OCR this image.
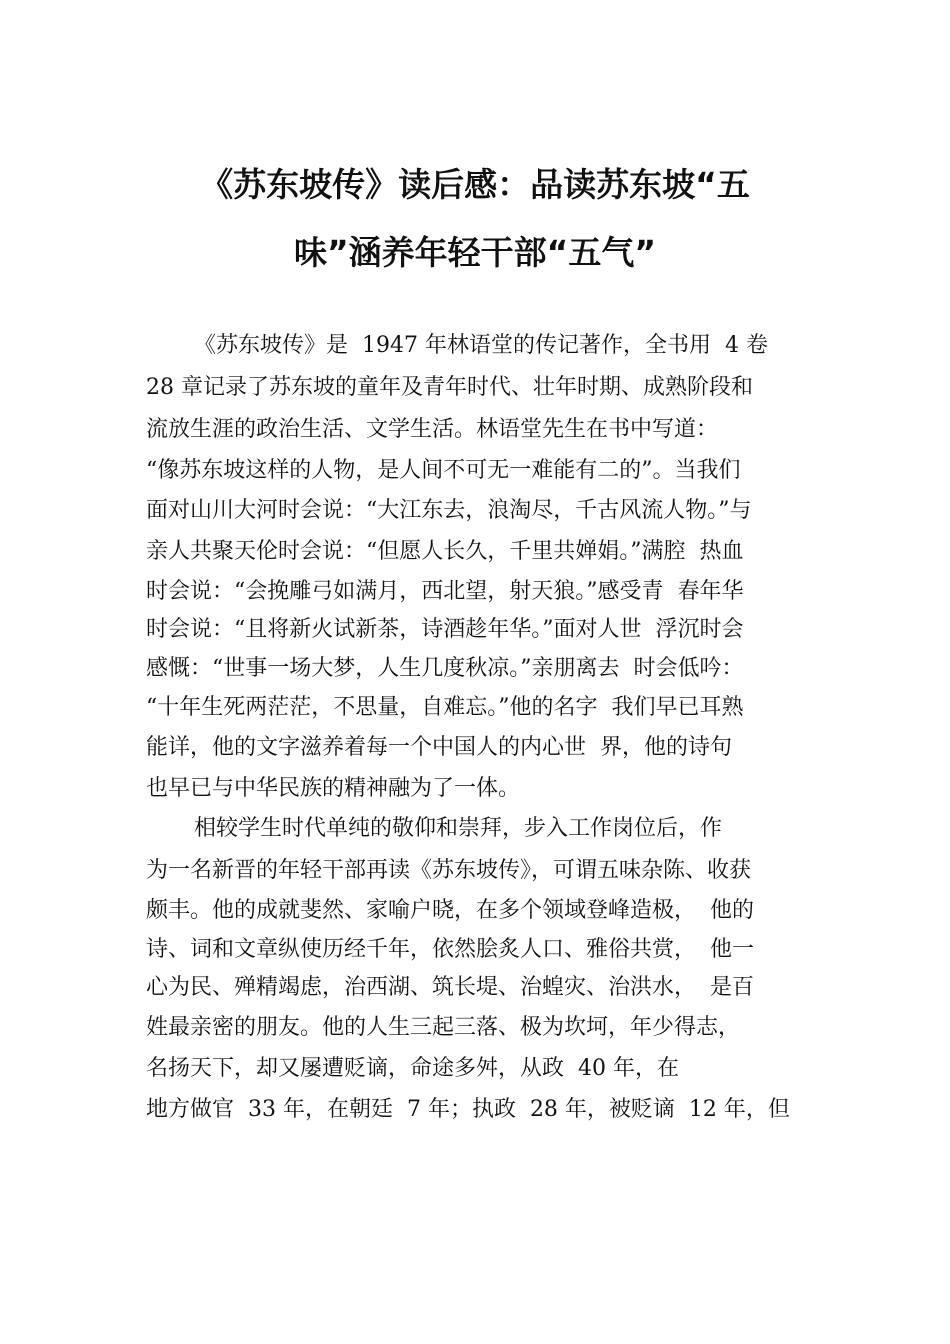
《苏东坡传》读后感：品读苏东坡“五
味”涵养年轻干部“五气”
《苏东坡传》是  1947 年林语堂的传记著作，全书用  4 卷
28 章记录了苏东坡的童年及青年时代、壮年时期、成熟阶段和
流放生涯的政治生活、文学生活。林语堂先生在书中写道：
“像苏东坡这样的人物，是人间不可无一难能有二的”。当我们
面对山川大河时会说：“大江东去，浪淘尽，千古风流人物。”与
亲人共聚天伦时会说：“但愿人长久，千里共婵娟。”满腔  热血
时会说：“会挽雕弓如满月，西北望，射天狼。”感受青  春年华
时会说：“且将新火试新茶，诗酒趁年华。”面对人世  浮沉时会
感慨：“世事一场大梦，人生几度秋凉。”亲朋离去  时会低吟：
“十年生死两茫茫，不思量，自难忘。”他的名字  我们早已耳熟
能详，他的文字滋养着每一个中国人的内心世  界，他的诗句
也早已与中华民族的精神融为了一体。
相较学生时代单纯的敬仰和崇拜，步入工作岗位后，作
为一名新晋的年轻干部再读《苏东坡传》，可谓五味杂陈、收获
颇丰。他的成就斐然、家喻户晓，在多个领域登峰造极，  他的
诗、词和文章纵使历经千年，依然脍炙人口、雅俗共赏，  他一
心为民、殚精竭虑，治西湖、筑长堤、治蝗灾、治洪水，  是百
姓最亲密的朋友。他的人生三起三落、极为坎坷，年少得志，
名扬天下，却又屡遭贬谪，命途多舛，从政  40 年，在
地方做官  33 年，在朝廷  7 年；执政  28 年，被贬谪  12 年，但
